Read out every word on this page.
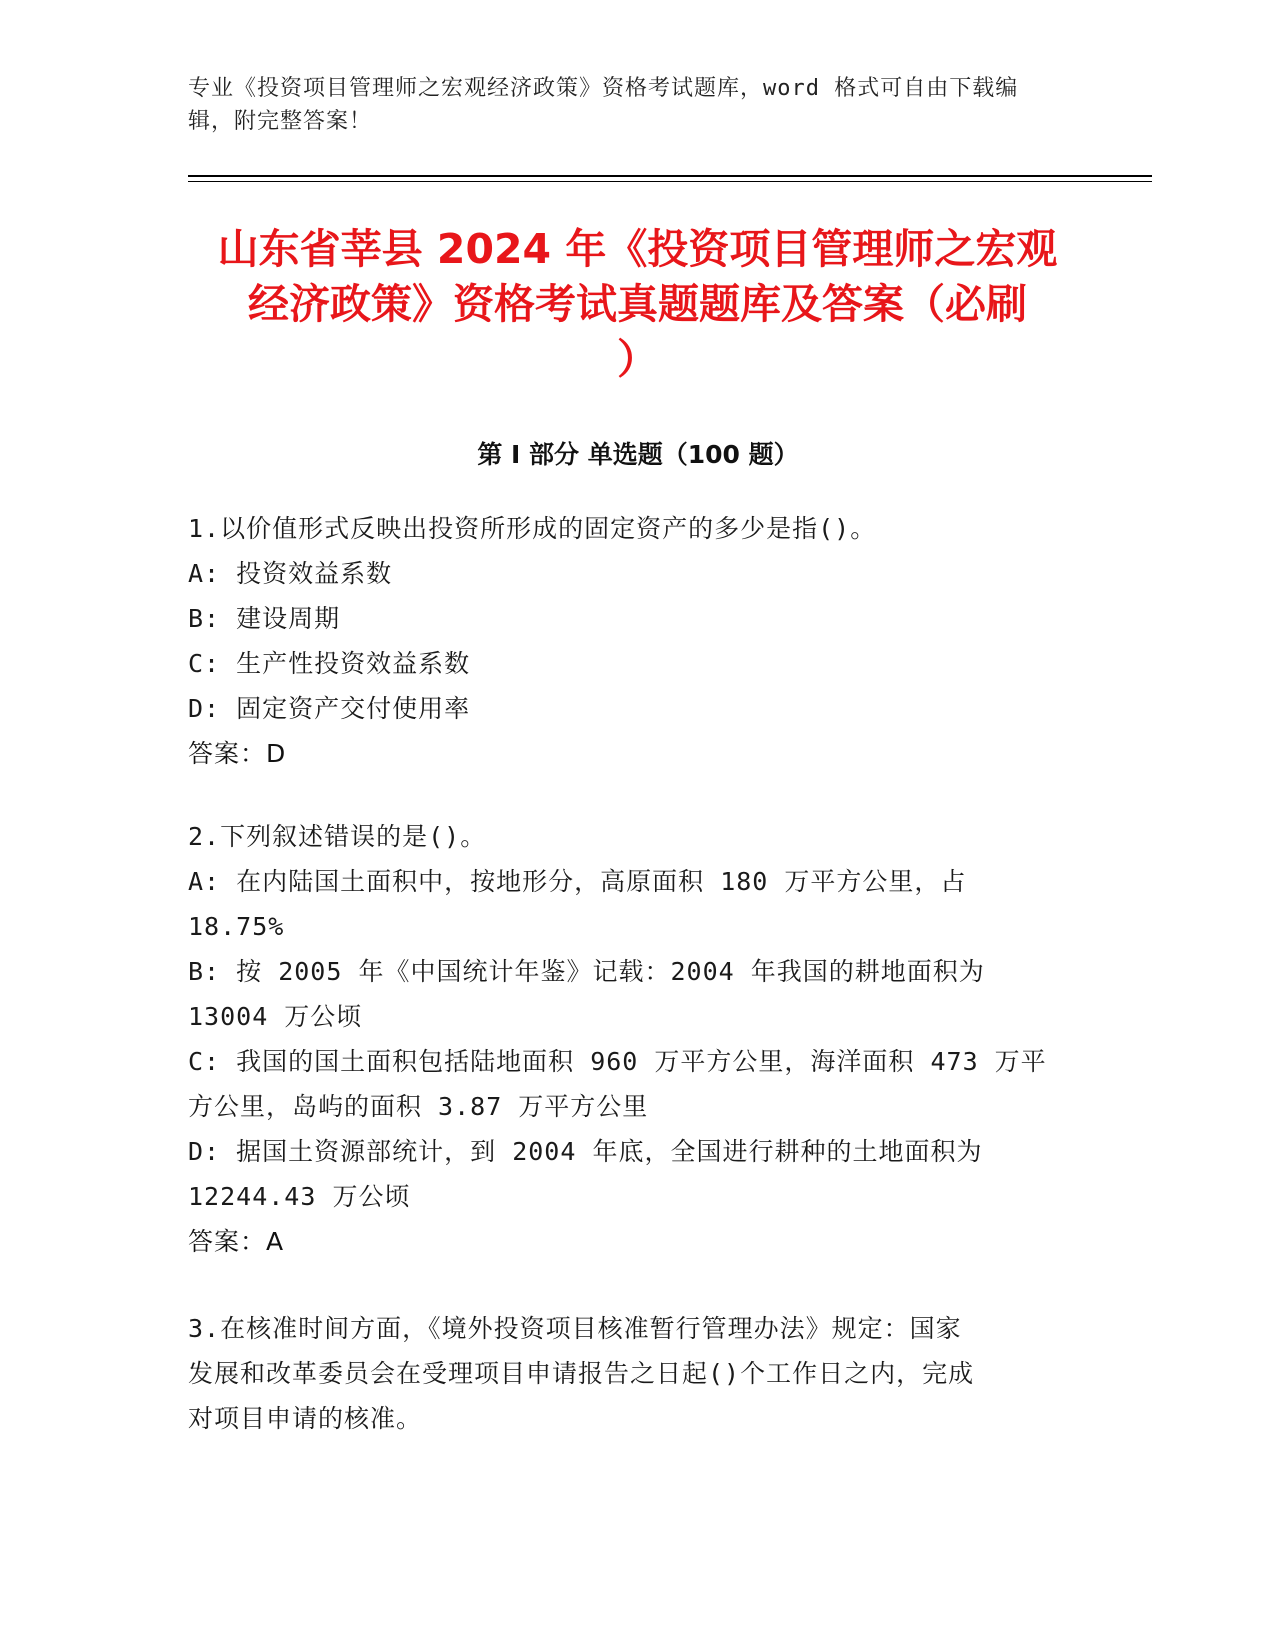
专业《投资项目管理师之宏观经济政策》资格考试题库，word 格式可自由下载编
辑，附完整答案！
山东省莘县 2024 年《投资项目管理师之宏观
经济政策》资格考试真题题库及答案（必刷
）
第 I 部分 单选题（100 题）
1.以价值形式反映出投资所形成的固定资产的多少是指()。
A: 投资效益系数
B: 建设周期
C: 生产性投资效益系数
D: 固定资产交付使用率
答案：D
2.下列叙述错误的是()。
A: 在内陆国土面积中，按地形分，高原面积 180 万平方公里，占
18.75%
B: 按 2005 年《中国统计年鉴》记载：2004 年我国的耕地面积为
13004 万公顷
C: 我国的国土面积包括陆地面积 960 万平方公里，海洋面积 473 万平
方公里，岛屿的面积 3.87 万平方公里
D: 据国土资源部统计，到 2004 年底，全国进行耕种的土地面积为
12244.43 万公顷
答案：A
3.在核准时间方面，《境外投资项目核准暂行管理办法》规定：国家
发展和改革委员会在受理项目申请报告之日起()个工作日之内，完成
对项目申请的核准。
